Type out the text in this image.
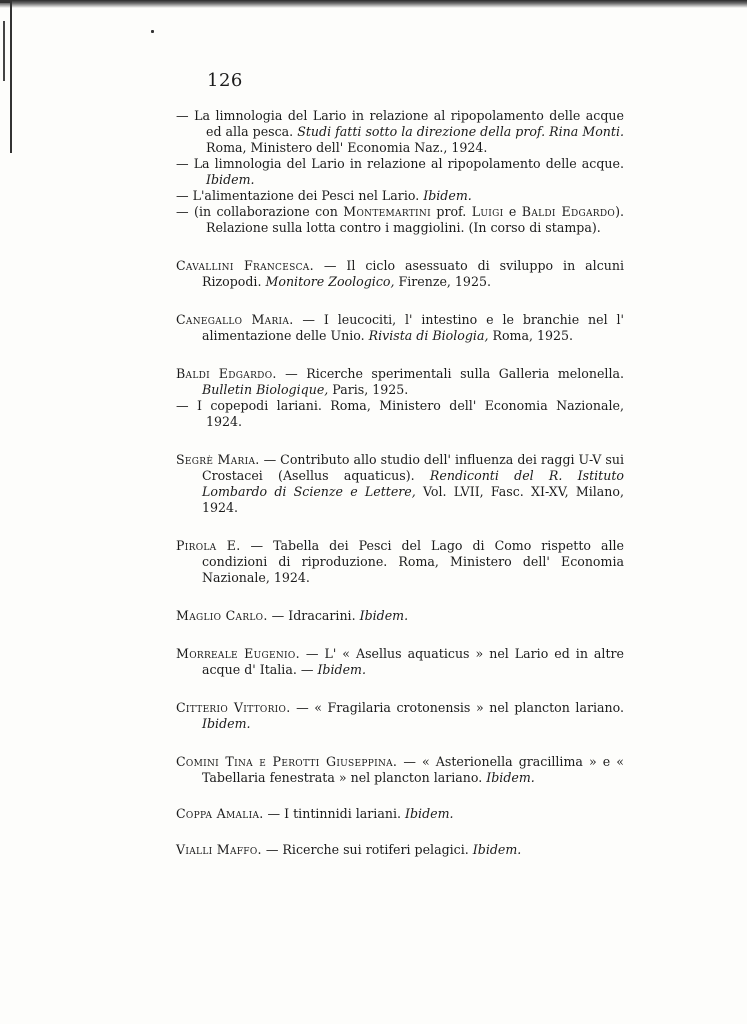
126

— La limnologia del Lario in relazione al ripopolamento delle acque ed alla pesca. Studi fatti sotto la direzione della prof. Rina Monti. Roma, Ministero dell' Economia Naz., 1924.

— La limnologia del Lario in relazione al ripopolamento delle acque. Ibidem.

— L'alimentazione dei Pesci nel Lario. Ibidem.

— (in collaborazione con Montemartini prof. Luigi e Baldi Edgardo). Relazione sulla lotta contro i maggiolini. (In corso di stampa).

Cavallini Francesca. — Il ciclo asessuato di sviluppo in alcuni Rizopodi. Monitore Zoologico, Firenze, 1925.

Canegallo Maria. — I leucociti, l' intestino e le branchie nel l' alimentazione delle Unio. Rivista di Biologia, Roma, 1925.

Baldi Edgardo. — Ricerche sperimentali sulla Galleria melonella. Bulletin Biologique, Paris, 1925.

— I copepodi lariani. Roma, Ministero dell' Economia Nazionale, 1924.

Segrè Maria. — Contributo allo studio dell' influenza dei raggi U-V sui Crostacei (Asellus aquaticus). Rendiconti del R. Istituto Lombardo di Scienze e Lettere, Vol. LVII, Fasc. XI-XV, Milano, 1924.

Pirola E. — Tabella dei Pesci del Lago di Como rispetto alle condizioni di riproduzione. Roma, Ministero dell' Economia Nazionale, 1924.

Maglio Carlo. — Idracarini. Ibidem.

Morreale Eugenio. — L' « Asellus aquaticus » nel Lario ed in altre acque d' Italia. — Ibidem.

Citterio Vittorio. — « Fragilaria crotonensis » nel plancton lariano. Ibidem.

Comini Tina e Perotti Giuseppina. — « Asterionella gracillima » e « Tabellaria fenestrata » nel plancton lariano. Ibidem.

Coppa Amalia. — I tintinnidi lariani. Ibidem.

Vialli Maffo. — Ricerche sui rotiferi pelagici. Ibidem.
